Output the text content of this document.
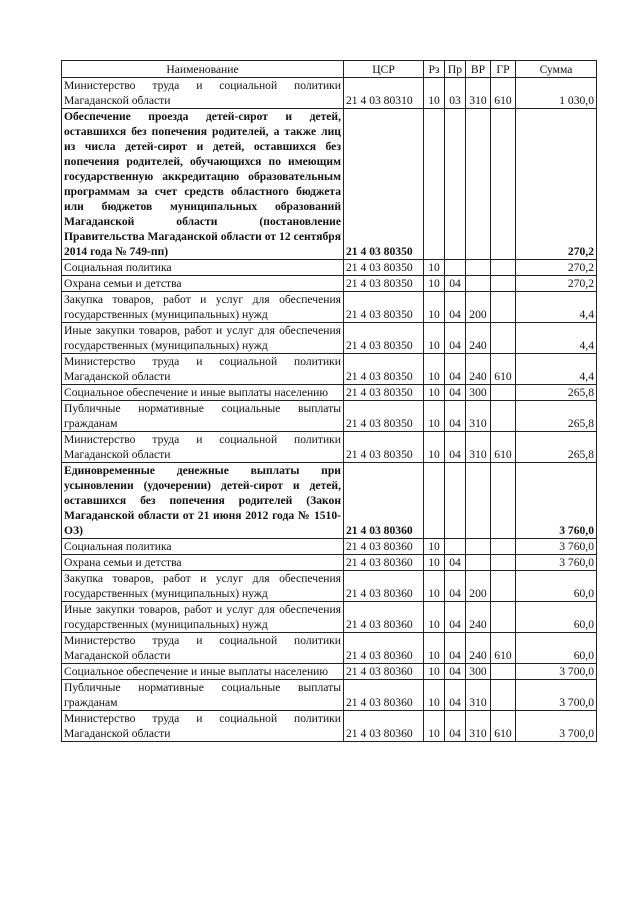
Наименование	ЦСР	Рз	Пр	ВР	ГР	Сумма
Министерство труда и социальной политики Магаданской области	21 4 03 80310	10	03	310	610	1 030,0
Обеспечение проезда детей-сирот и детей, оставшихся без попечения родителей, а также лиц из числа детей-сирот и детей, оставшихся без попечения родителей, обучающихся по имеющим государственную аккредитацию образовательным программам за счет средств областного бюджета или бюджетов муниципальных образований Магаданской области (постановление Правительства Магаданской области от 12 сентября 2014 года № 749-пп)	21 4 03 80350					270,2
Социальная политика	21 4 03 80350	10				270,2
Охрана семьи и детства	21 4 03 80350	10	04			270,2
Закупка товаров, работ и услуг для обеспечения государственных (муниципальных) нужд	21 4 03 80350	10	04	200		4,4
Иные закупки товаров, работ и услуг для обеспечения государственных (муниципальных) нужд	21 4 03 80350	10	04	240		4,4
Министерство труда и социальной политики Магаданской области	21 4 03 80350	10	04	240	610	4,4
Социальное обеспечение и иные выплаты населению	21 4 03 80350	10	04	300		265,8
Публичные нормативные социальные выплаты гражданам	21 4 03 80350	10	04	310		265,8
Министерство труда и социальной политики Магаданской области	21 4 03 80350	10	04	310	610	265,8
Единовременные денежные выплаты при усыновлении (удочерении) детей-сирот и детей, оставшихся без попечения родителей (Закон Магаданской области от 21 июня 2012 года № 1510-ОЗ)	21 4 03 80360					3 760,0
Социальная политика	21 4 03 80360	10				3 760,0
Охрана семьи и детства	21 4 03 80360	10	04			3 760,0
Закупка товаров, работ и услуг для обеспечения государственных (муниципальных) нужд	21 4 03 80360	10	04	200		60,0
Иные закупки товаров, работ и услуг для обеспечения государственных (муниципальных) нужд	21 4 03 80360	10	04	240		60,0
Министерство труда и социальной политики Магаданской области	21 4 03 80360	10	04	240	610	60,0
Социальное обеспечение и иные выплаты населению	21 4 03 80360	10	04	300		3 700,0
Публичные нормативные социальные выплаты гражданам	21 4 03 80360	10	04	310		3 700,0
Министерство труда и социальной политики Магаданской области	21 4 03 80360	10	04	310	610	3 700,0
